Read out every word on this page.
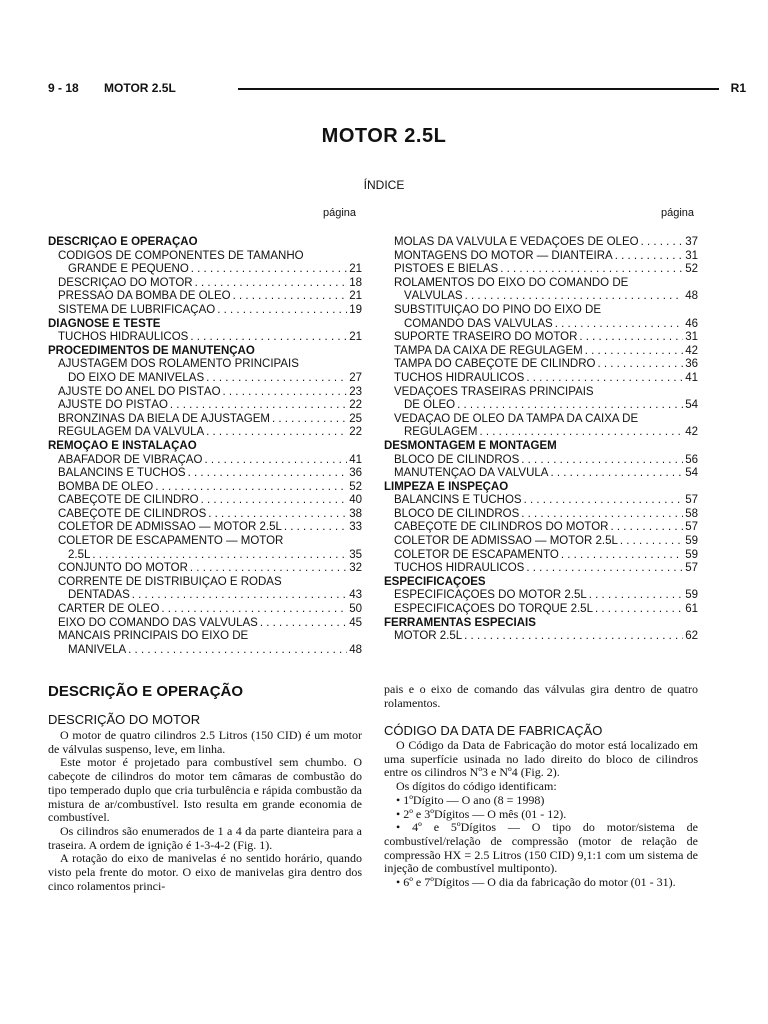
9 - 18 MOTOR 2.5L	R1
MOTOR 2.5L
ÍNDICE
página	página
DESCRIÇÃO E OPERAÇÃO
CÓDIGOS DE COMPONENTES DE TAMANHO
GRANDE E PEQUENO . . .	21
DESCRIÇÃO DO MOTOR . . .	18
PRESSÃO DA BOMBA DE ÓLEO . . .	21
SISTEMA DE LUBRIFICAÇÃO . . .	19
DIAGNOSE E TESTE
TUCHOS HIDRÁULICOS . . .	21
PROCEDIMENTOS DE MANUTENÇÃO
AJUSTAGEM DOS ROLAMENTO PRINCIPAIS
DO EIXO DE MANIVELAS . . .	27
AJUSTE DO ANEL DO PISTÃO . . .	23
AJUSTE DO PISTÃO . . .	22
BRONZINAS DA BIELA DE AJUSTAGEM . . .	25
REGULAGEM DA VÁLVULA . . .	22
REMOÇÃO E INSTALAÇÃO
ABAFADOR DE VIBRAÇÃO . . .	41
BALANCINS E TUCHOS . . .	36
BOMBA DE ÓLEO . . .	52
CABEÇOTE DE CILINDRO . . .	40
CABEÇOTE DE CILINDROS . . .	38
COLETOR DE ADMISSÃO — MOTOR 2.5L . . .	33
COLETOR DE ESCAPAMENTO — MOTOR
2.5L . . .	35
CONJUNTO DO MOTOR . . .	32
CORRENTE DE DISTRIBUIÇÃO E RODAS
DENTADAS . . .	43
CÁRTER DE ÓLEO . . .	50
EIXO DO COMANDO DAS VÁLVULAS . . .	45
MANCAIS PRINCIPAIS DO EIXO DE
MANIVELA . . .	48
MOLAS DA VÁLVULA E VEDAÇÕES DE ÓLEO . . .	37
MONTAGENS DO MOTOR — DIANTEIRA . . .	31
PISTÕES E BIELAS . . .	52
ROLAMENTOS DO EIXO DO COMANDO DE
VÁLVULAS . . .	48
SUBSTITUIÇÃO DO PINO DO EIXO DE
COMANDO DAS VÁLVULAS . . .	46
SUPORTE TRASEIRO DO MOTOR . . .	31
TAMPA DA CAIXA DE REGULAGEM . . .	42
TAMPA DO CABEÇOTE DE CILINDRO . . .	36
TUCHOS HIDRÁULICOS . . .	41
VEDAÇÕES TRASEIRAS PRINCIPAIS
DE ÓLEO . . .	54
VEDAÇÃO DE ÓLEO DA TAMPA DA CAIXA DE
REGULAGEM . . .	42
DESMONTAGEM E MONTAGEM
BLOCO DE CILINDROS . . .	56
MANUTENÇÃO DA VÁLVULA . . .	54
LIMPEZA E INSPEÇÃO
BALANCINS E TUCHOS . . .	57
BLOCO DE CILINDROS . . .	58
CABEÇOTE DE CILINDROS DO MOTOR . . .	57
COLETOR DE ADMISSÃO — MOTOR 2.5L . . .	59
COLETOR DE ESCAPAMENTO . . .	59
TUCHOS HIDRÁULICOS . . .	57
ESPECIFICAÇÕES
ESPECIFICAÇÕES DO MOTOR 2.5L . . .	59
ESPECIFICAÇÕES DO TORQUE 2.5L . . .	61
FERRAMENTAS ESPECIAIS
MOTOR 2.5L . . .	62
DESCRIÇÃO E OPERAÇÃO
DESCRIÇÃO DO MOTOR

O motor de quatro cilindros 2.5 Litros (150 CID) é um motor de válvulas suspenso, leve, em linha.

Este motor é projetado para combustível sem chumbo. O cabeçote de cilindros do motor tem câmaras de combustão do tipo temperado duplo que cria turbulência e rápida combustão da mistura de ar/combustível. Isto resulta em grande economia de combustível.

Os cilindros são enumerados de 1 a 4 da parte dianteira para a traseira. A ordem de ignição é 1-3-4-2 (Fig. 1).

A rotação do eixo de manivelas é no sentido horário, quando visto pela frente do motor. O eixo de manivelas gira dentro dos cinco rolamentos princi-

pais e o eixo de comando das válvulas gira dentro de quatro rolamentos.

CÓDIGO DA DATA DE FABRICAÇÃO

O Código da Data de Fabricação do motor está localizado em uma superfície usinada no lado direito do bloco de cilindros entre os cilindros Nº3 e Nº4 (Fig. 2).

Os dígitos do código identificam:

• 1ºDígito — O ano (8 = 1998)
• 2º e 3ºDígitos — O mês (01 - 12).
• 4º e 5ºDígitos — O tipo do motor/sistema de combustível/relação de compressão (motor de relação de compressão HX = 2.5 Litros (150 CID) 9,1:1 com um sistema de injeção de combustível multiponto).
• 6º e 7ºDígitos — O dia da fabricação do motor (01 - 31).
